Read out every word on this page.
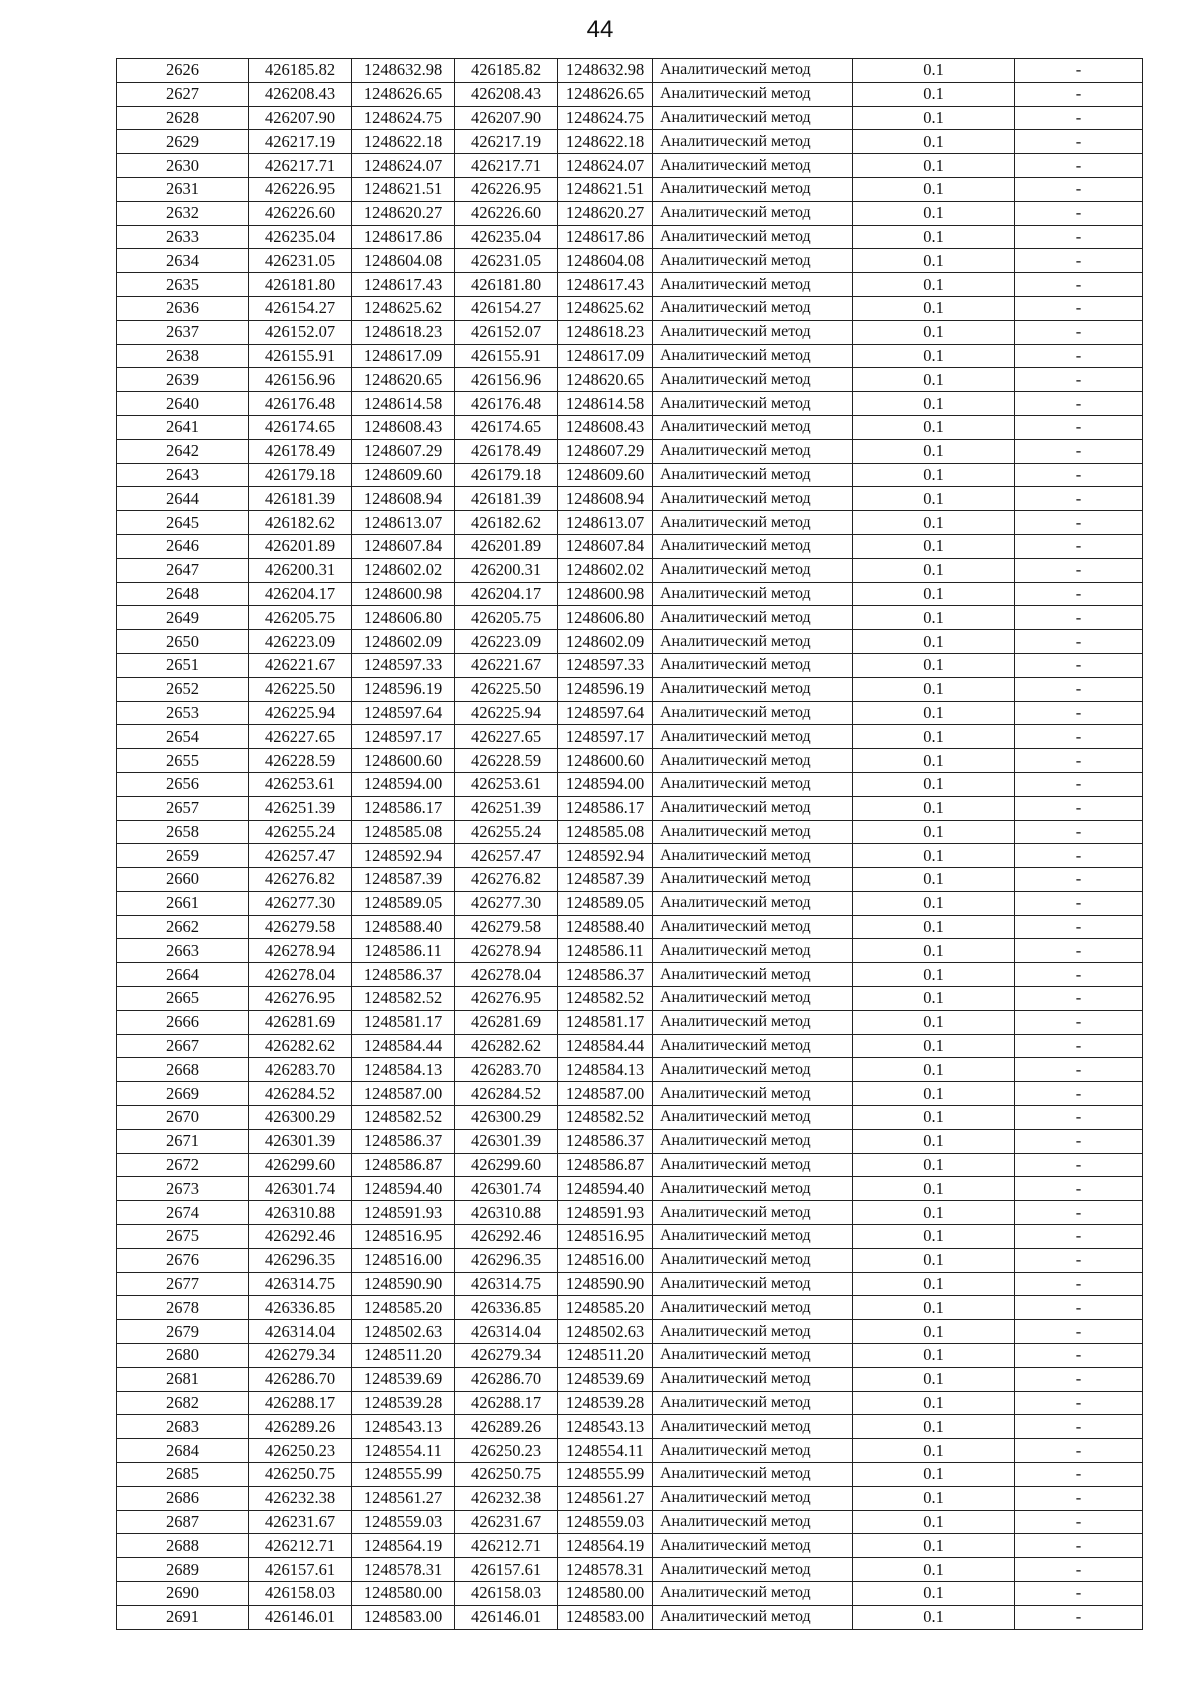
44
2626	426185.82	1248632.98	426185.82	1248632.98	Аналитический метод	0.1	-
2627	426208.43	1248626.65	426208.43	1248626.65	Аналитический метод	0.1	-
2628	426207.90	1248624.75	426207.90	1248624.75	Аналитический метод	0.1	-
2629	426217.19	1248622.18	426217.19	1248622.18	Аналитический метод	0.1	-
2630	426217.71	1248624.07	426217.71	1248624.07	Аналитический метод	0.1	-
2631	426226.95	1248621.51	426226.95	1248621.51	Аналитический метод	0.1	-
2632	426226.60	1248620.27	426226.60	1248620.27	Аналитический метод	0.1	-
2633	426235.04	1248617.86	426235.04	1248617.86	Аналитический метод	0.1	-
2634	426231.05	1248604.08	426231.05	1248604.08	Аналитический метод	0.1	-
2635	426181.80	1248617.43	426181.80	1248617.43	Аналитический метод	0.1	-
2636	426154.27	1248625.62	426154.27	1248625.62	Аналитический метод	0.1	-
2637	426152.07	1248618.23	426152.07	1248618.23	Аналитический метод	0.1	-
2638	426155.91	1248617.09	426155.91	1248617.09	Аналитический метод	0.1	-
2639	426156.96	1248620.65	426156.96	1248620.65	Аналитический метод	0.1	-
2640	426176.48	1248614.58	426176.48	1248614.58	Аналитический метод	0.1	-
2641	426174.65	1248608.43	426174.65	1248608.43	Аналитический метод	0.1	-
2642	426178.49	1248607.29	426178.49	1248607.29	Аналитический метод	0.1	-
2643	426179.18	1248609.60	426179.18	1248609.60	Аналитический метод	0.1	-
2644	426181.39	1248608.94	426181.39	1248608.94	Аналитический метод	0.1	-
2645	426182.62	1248613.07	426182.62	1248613.07	Аналитический метод	0.1	-
2646	426201.89	1248607.84	426201.89	1248607.84	Аналитический метод	0.1	-
2647	426200.31	1248602.02	426200.31	1248602.02	Аналитический метод	0.1	-
2648	426204.17	1248600.98	426204.17	1248600.98	Аналитический метод	0.1	-
2649	426205.75	1248606.80	426205.75	1248606.80	Аналитический метод	0.1	-
2650	426223.09	1248602.09	426223.09	1248602.09	Аналитический метод	0.1	-
2651	426221.67	1248597.33	426221.67	1248597.33	Аналитический метод	0.1	-
2652	426225.50	1248596.19	426225.50	1248596.19	Аналитический метод	0.1	-
2653	426225.94	1248597.64	426225.94	1248597.64	Аналитический метод	0.1	-
2654	426227.65	1248597.17	426227.65	1248597.17	Аналитический метод	0.1	-
2655	426228.59	1248600.60	426228.59	1248600.60	Аналитический метод	0.1	-
2656	426253.61	1248594.00	426253.61	1248594.00	Аналитический метод	0.1	-
2657	426251.39	1248586.17	426251.39	1248586.17	Аналитический метод	0.1	-
2658	426255.24	1248585.08	426255.24	1248585.08	Аналитический метод	0.1	-
2659	426257.47	1248592.94	426257.47	1248592.94	Аналитический метод	0.1	-
2660	426276.82	1248587.39	426276.82	1248587.39	Аналитический метод	0.1	-
2661	426277.30	1248589.05	426277.30	1248589.05	Аналитический метод	0.1	-
2662	426279.58	1248588.40	426279.58	1248588.40	Аналитический метод	0.1	-
2663	426278.94	1248586.11	426278.94	1248586.11	Аналитический метод	0.1	-
2664	426278.04	1248586.37	426278.04	1248586.37	Аналитический метод	0.1	-
2665	426276.95	1248582.52	426276.95	1248582.52	Аналитический метод	0.1	-
2666	426281.69	1248581.17	426281.69	1248581.17	Аналитический метод	0.1	-
2667	426282.62	1248584.44	426282.62	1248584.44	Аналитический метод	0.1	-
2668	426283.70	1248584.13	426283.70	1248584.13	Аналитический метод	0.1	-
2669	426284.52	1248587.00	426284.52	1248587.00	Аналитический метод	0.1	-
2670	426300.29	1248582.52	426300.29	1248582.52	Аналитический метод	0.1	-
2671	426301.39	1248586.37	426301.39	1248586.37	Аналитический метод	0.1	-
2672	426299.60	1248586.87	426299.60	1248586.87	Аналитический метод	0.1	-
2673	426301.74	1248594.40	426301.74	1248594.40	Аналитический метод	0.1	-
2674	426310.88	1248591.93	426310.88	1248591.93	Аналитический метод	0.1	-
2675	426292.46	1248516.95	426292.46	1248516.95	Аналитический метод	0.1	-
2676	426296.35	1248516.00	426296.35	1248516.00	Аналитический метод	0.1	-
2677	426314.75	1248590.90	426314.75	1248590.90	Аналитический метод	0.1	-
2678	426336.85	1248585.20	426336.85	1248585.20	Аналитический метод	0.1	-
2679	426314.04	1248502.63	426314.04	1248502.63	Аналитический метод	0.1	-
2680	426279.34	1248511.20	426279.34	1248511.20	Аналитический метод	0.1	-
2681	426286.70	1248539.69	426286.70	1248539.69	Аналитический метод	0.1	-
2682	426288.17	1248539.28	426288.17	1248539.28	Аналитический метод	0.1	-
2683	426289.26	1248543.13	426289.26	1248543.13	Аналитический метод	0.1	-
2684	426250.23	1248554.11	426250.23	1248554.11	Аналитический метод	0.1	-
2685	426250.75	1248555.99	426250.75	1248555.99	Аналитический метод	0.1	-
2686	426232.38	1248561.27	426232.38	1248561.27	Аналитический метод	0.1	-
2687	426231.67	1248559.03	426231.67	1248559.03	Аналитический метод	0.1	-
2688	426212.71	1248564.19	426212.71	1248564.19	Аналитический метод	0.1	-
2689	426157.61	1248578.31	426157.61	1248578.31	Аналитический метод	0.1	-
2690	426158.03	1248580.00	426158.03	1248580.00	Аналитический метод	0.1	-
2691	426146.01	1248583.00	426146.01	1248583.00	Аналитический метод	0.1	-
